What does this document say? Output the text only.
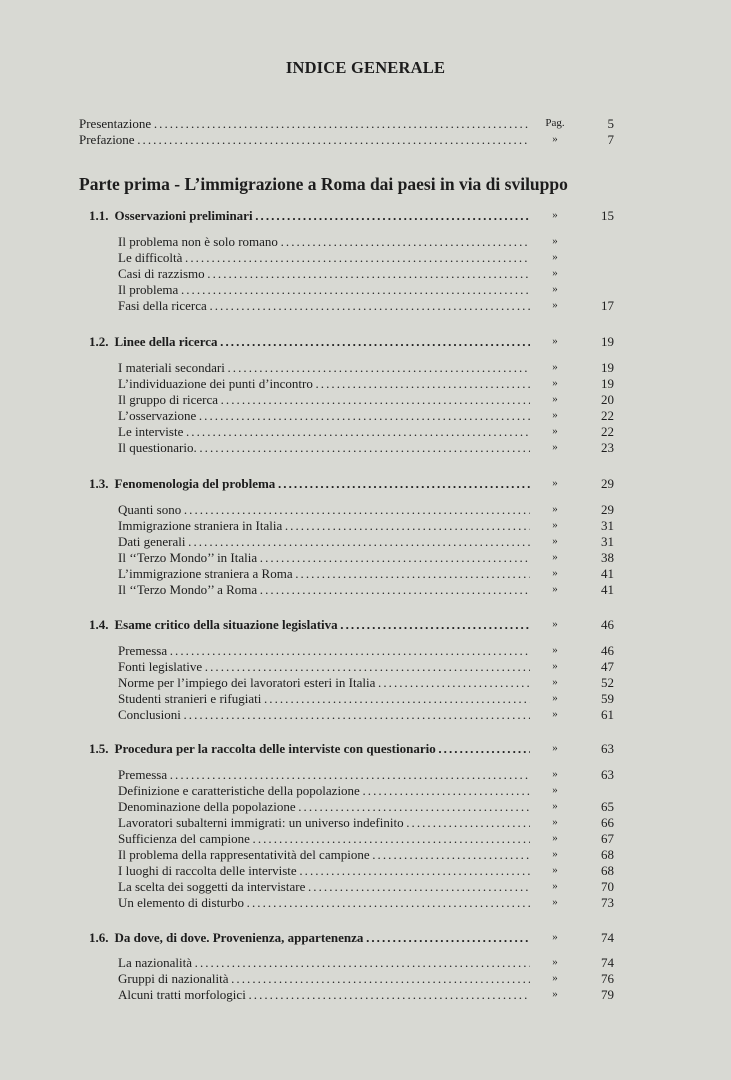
INDICE GENERALE
Presentazione . . .	Pag.	5
Prefazione . . .	»	7
Parte prima - L’immigrazione a Roma dai paesi in via di sviluppo
1.1. Osservazioni preliminari . . .	»	15
Il problema non è solo romano . . .	»
Le difficoltà . . .	»
Casi di razzismo . . .	»
Il problema . . .	»
Fasi della ricerca . . .	»	17
1.2. Linee della ricerca . . .	»	19
I materiali secondari . . .	»	19
L’individuazione dei punti d’incontro . . .	»	19
Il gruppo di ricerca . . .	»	20
L’osservazione . . .	»	22
Le interviste . . .	»	22
Il questionario. . . .	»	23
1.3. Fenomenologia del problema . . .	»	29
Quanti sono . . .	»	29
Immigrazione straniera in Italia . . .	»	31
Dati generali . . .	»	31
Il ‘‘Terzo Mondo’’ in Italia . . .	»	38
L’immigrazione straniera a Roma . . .	»	41
Il ‘‘Terzo Mondo’’ a Roma . . .	»	41
1.4. Esame critico della situazione legislativa . . .	»	46
Premessa . . .	»	46
Fonti legislative . . .	»	47
Norme per l’impiego dei lavoratori esteri in Italia . . .	»	52
Studenti stranieri e rifugiati . . .	»	59
Conclusioni . . .	»	61
1.5. Procedura per la raccolta delle interviste con questionario . . .	»	63
Premessa . . .	»	63
Definizione e caratteristiche della popolazione . . .	»
Denominazione della popolazione . . .	»	65
Lavoratori subalterni immigrati: un universo indefinito . . .	»	66
Sufficienza del campione . . .	»	67
Il problema della rappresentatività del campione . . .	»	68
I luoghi di raccolta delle interviste . . .	»	68
La scelta dei soggetti da intervistare . . .	»	70
Un elemento di disturbo . . .	»	73
1.6. Da dove, di dove. Provenienza, appartenenza . . .	»	74
La nazionalità . . .	»	74
Gruppi di nazionalità . . .	»	76
Alcuni tratti morfologici . . .	»	79
